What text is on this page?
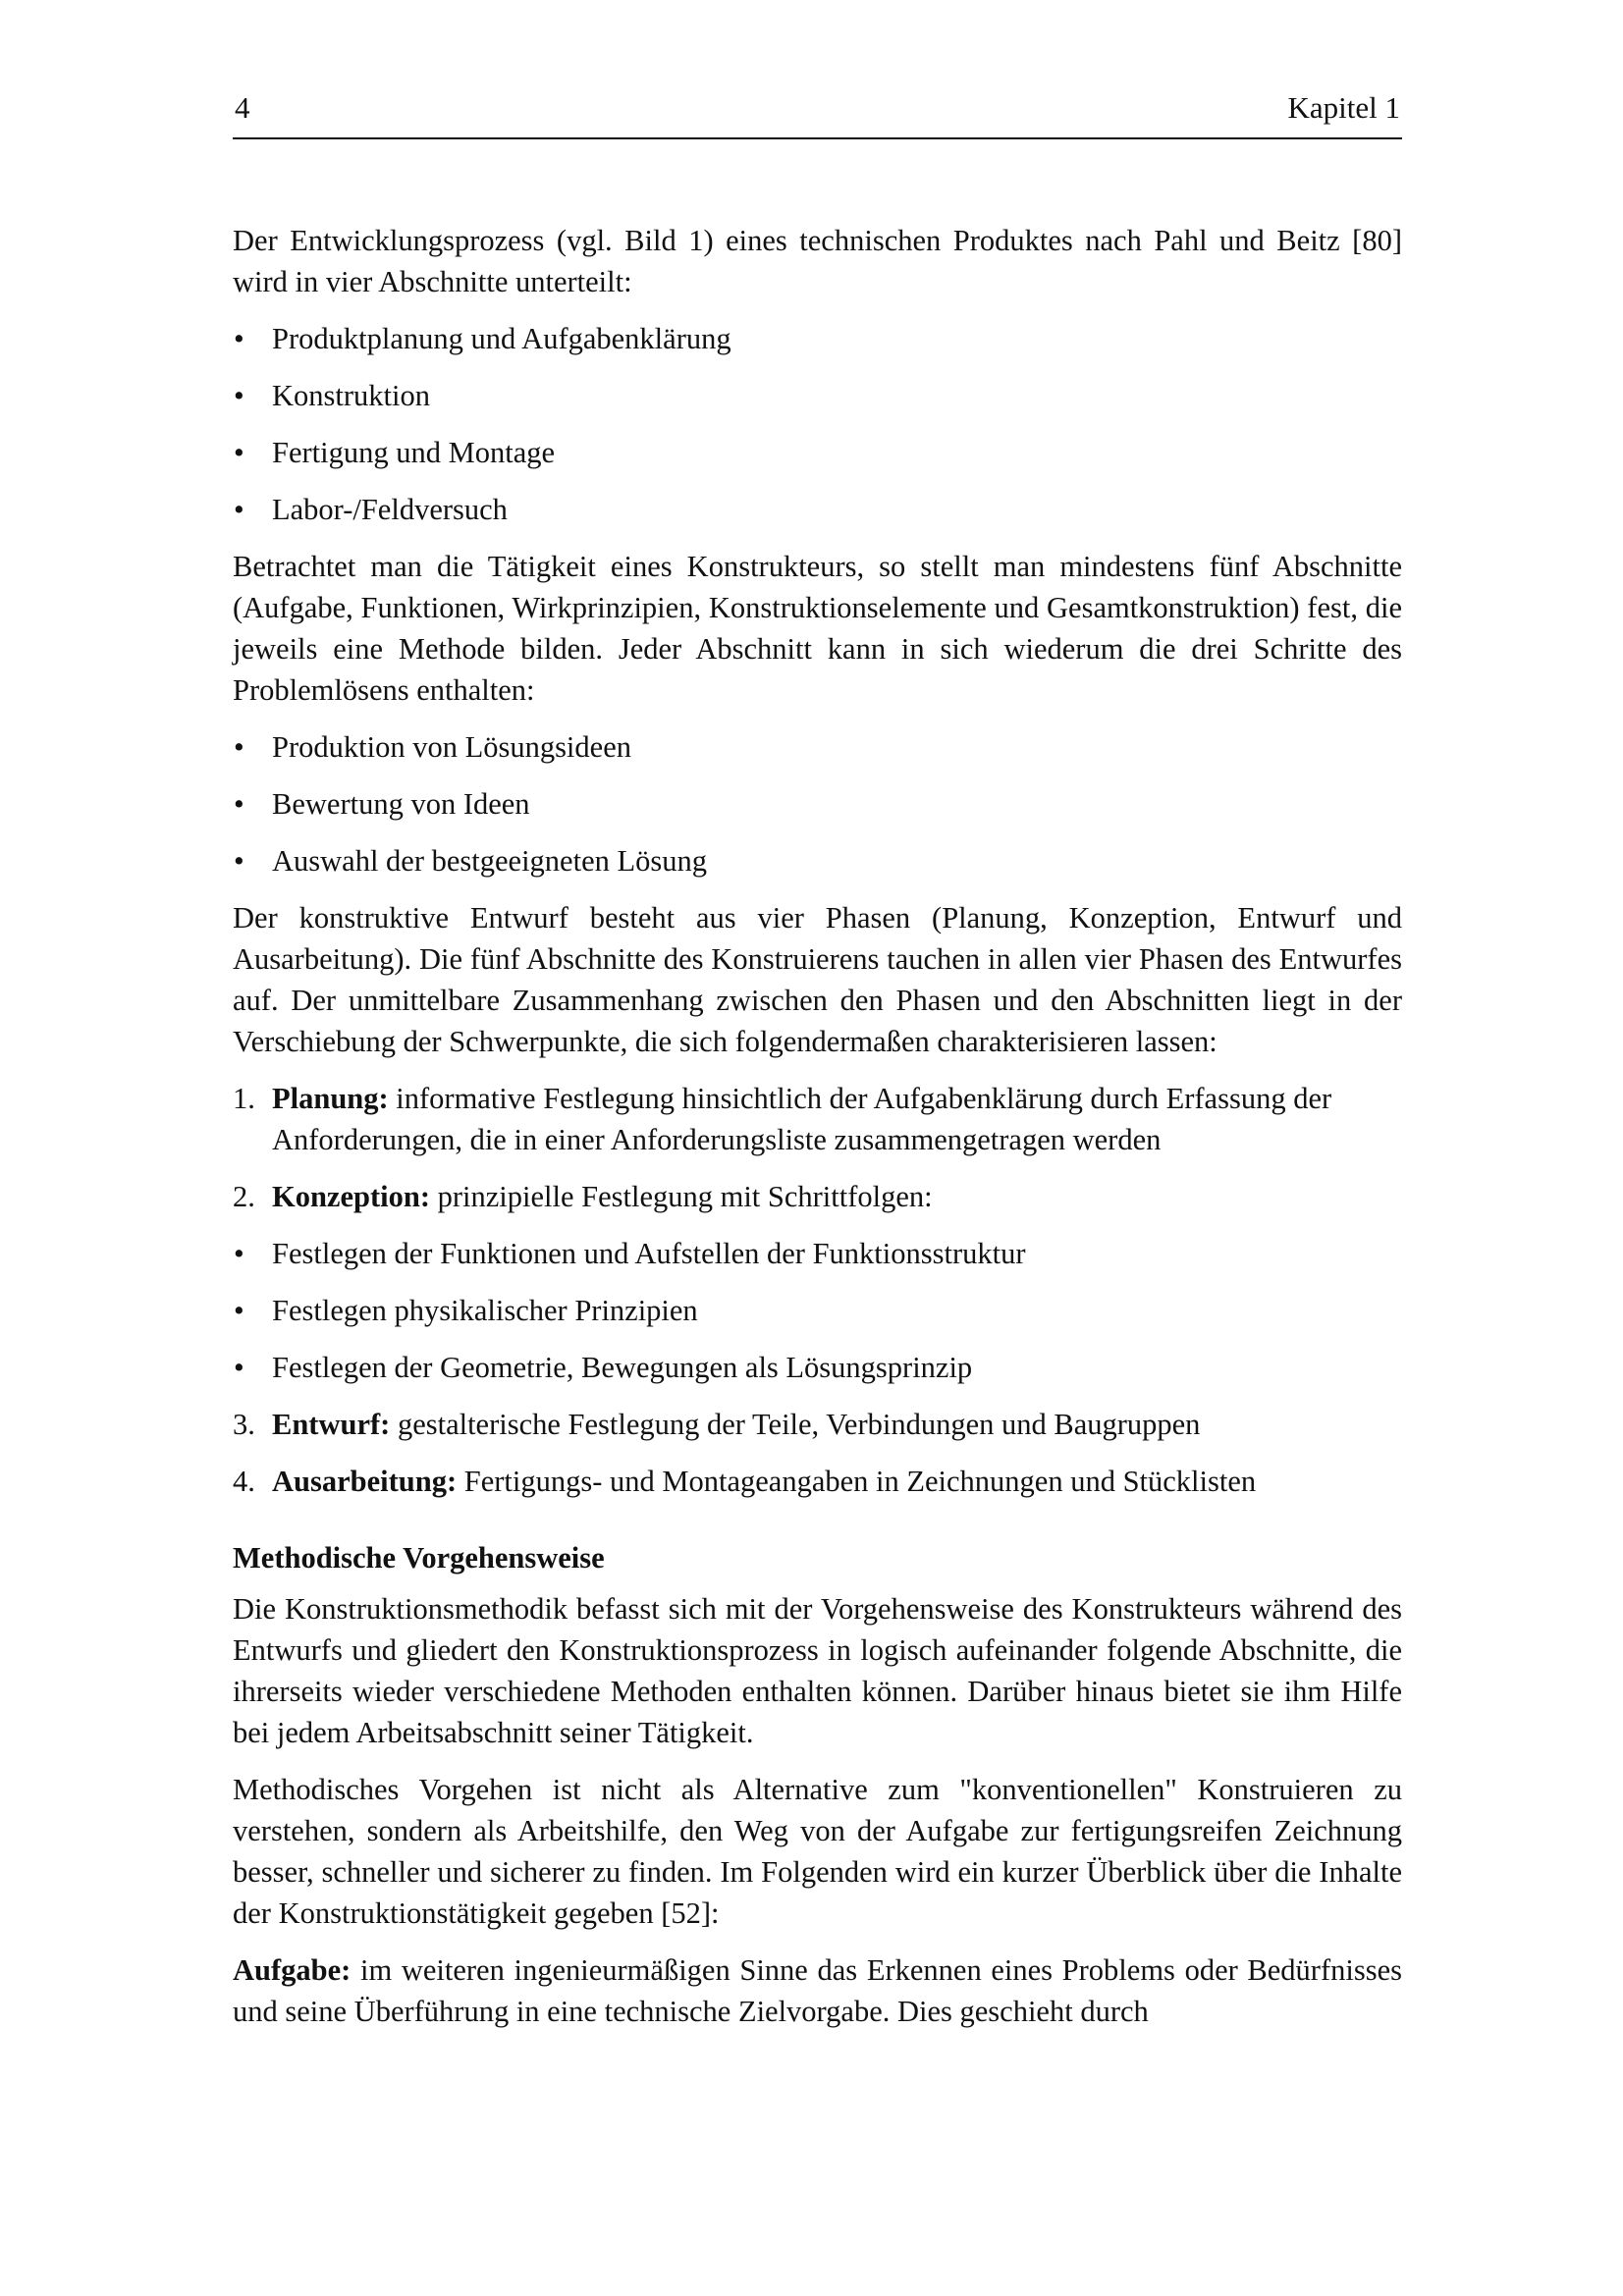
4	Kapitel 1

Der Entwicklungsprozess (vgl. Bild 1) eines technischen Produktes nach Pahl und Beitz [80] wird in vier Abschnitte unterteilt:

• Produktplanung und Aufgabenklärung
• Konstruktion
• Fertigung und Montage
• Labor-/Feldversuch

Betrachtet man die Tätigkeit eines Konstrukteurs, so stellt man mindestens fünf Abschnitte (Aufgabe, Funktionen, Wirkprinzipien, Konstruktionselemente und Gesamtkonstruktion) fest, die jeweils eine Methode bilden. Jeder Abschnitt kann in sich wiederum die drei Schritte des Problemlösens enthalten:

• Produktion von Lösungsideen
• Bewertung von Ideen
• Auswahl der bestgeeigneten Lösung

Der konstruktive Entwurf besteht aus vier Phasen (Planung, Konzeption, Entwurf und Ausarbeitung). Die fünf Abschnitte des Konstruierens tauchen in allen vier Phasen des Entwurfes auf. Der unmittelbare Zusammenhang zwischen den Phasen und den Abschnitten liegt in der Verschiebung der Schwerpunkte, die sich folgendermaßen charakterisieren lassen:

1. Planung: informative Festlegung hinsichtlich der Aufgabenklärung durch Erfassung der Anforderungen, die in einer Anforderungsliste zusammengetragen werden
2. Konzeption: prinzipielle Festlegung mit Schrittfolgen:
• Festlegen der Funktionen und Aufstellen der Funktionsstruktur
• Festlegen physikalischer Prinzipien
• Festlegen der Geometrie, Bewegungen als Lösungsprinzip
3. Entwurf: gestalterische Festlegung der Teile, Verbindungen und Baugruppen
4. Ausarbeitung: Fertigungs- und Montageangaben in Zeichnungen und Stücklisten
Methodische Vorgehensweise

Die Konstruktionsmethodik befasst sich mit der Vorgehensweise des Konstrukteurs während des Entwurfs und gliedert den Konstruktionsprozess in logisch aufeinander folgende Abschnitte, die ihrerseits wieder verschiedene Methoden enthalten können. Darüber hinaus bietet sie ihm Hilfe bei jedem Arbeitsabschnitt seiner Tätigkeit.

Methodisches Vorgehen ist nicht als Alternative zum "konventionellen" Konstruieren zu verstehen, sondern als Arbeitshilfe, den Weg von der Aufgabe zur fertigungsreifen Zeichnung besser, schneller und sicherer zu finden. Im Folgenden wird ein kurzer Überblick über die Inhalte der Konstruktionstätigkeit gegeben [52]:

Aufgabe: im weiteren ingenieurmäßigen Sinne das Erkennen eines Problems oder Bedürfnisses und seine Überführung in eine technische Zielvorgabe. Dies geschieht durch
